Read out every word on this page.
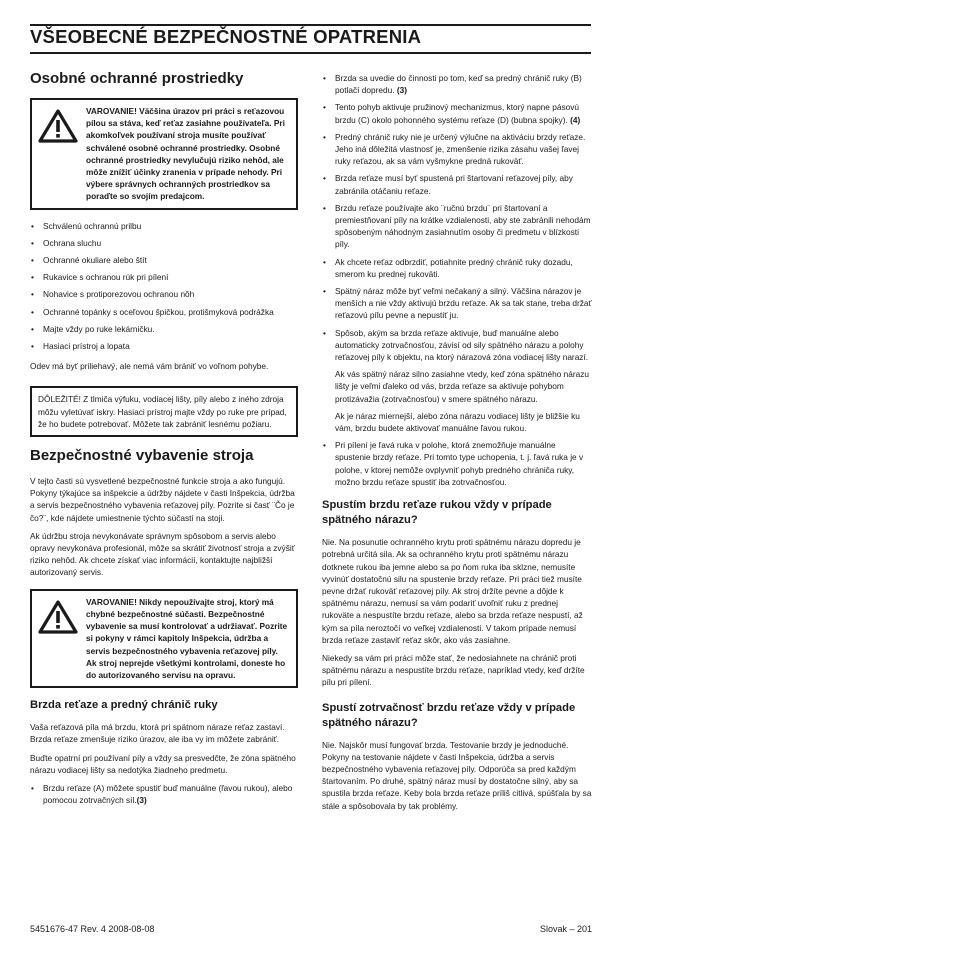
VŠEOBECNÉ BEZPEČNOSTNÉ OPATRENIA
Osobné ochranné prostriedky

VAROVANIE! Väčšina úrazov pri práci s reťazovou pílou sa stáva, keď reťaz zasiahne používateľa. Pri akomkoľvek používaní stroja musíte používať schválené osobné ochranné prostriedky. Osobné ochranné prostriedky nevylučujú riziko nehôd, ale môže znížiť účinky zranenia v prípade nehody. Pri výbere správnych ochranných prostriedkov sa poraďte so svojím predajcom.

• Schválenú ochrannú prilbu
• Ochrana sluchu
• Ochranné okuliare alebo štít
• Rukavice s ochranou rúk pri pílení
• Nohavice s protiporezovou ochranou nôh
• Ochranné topánky s oceľovou špičkou, protišmyková podrážka
• Majte vždy po ruke lekárničku.
• Hasiaci prístroj a lopata

Odev má byť priliehavý, ale nemá vám brániť vo voľnom pohybe.

DÔLEŽITÉ! Z tlmiča výfuku, vodiacej lišty, píly alebo z iného zdroja môžu vyletúvať iskry. Hasiaci prístroj majte vždy po ruke pre prípad, že ho budete potrebovať. Môžete tak zabrániť lesnému požiaru.

Bezpečnostné vybavenie stroja

V tejto časti sú vysvetlené bezpečnostné funkcie stroja a ako fungujú. Pokyny týkajúce sa inšpekcie a údržby nájdete v časti Inšpekcia, údržba a servis bezpečnostného vybavenia reťazovej píly. Pozrite si časť ¨Čo je čo?¨, kde nájdete umiestnenie týchto súčastí na stoji.

Ak údržbu stroja nevykonávate správnym spôsobom a servis alebo opravy nevykonáva profesionál, môže sa skrátiť životnosť stroja a zvýšiť riziko nehôd. Ak chcete získať viac informácií, kontaktujte najbližší autorizovaný servis.

VAROVANIE! Nikdy nepoužívajte stroj, ktorý má chybné bezpečnostné súčasti. Bezpečnostné vybavenie sa musí kontrolovať a udržiavať. Pozrite si pokyny v rámci kapitoly Inšpekcia, údržba a servis bezpečnostného vybavenia reťazovej píly. Ak stroj neprejde všetkými kontrolami, doneste ho do autorizovaného servisu na opravu.

Brzda reťaze a predný chránič ruky

Vaša reťazová píla má brzdu, ktorá pri spätnom náraze reťaz zastaví. Brzda reťaze zmenšuje riziko úrazov, ale iba vy im môžete zabrániť.

Buďte opatrní pri používaní píly a vždy sa presvedčte, že zóna spätného nárazu vodiacej lišty sa nedotýka žiadneho predmetu.

• Brzdu reťaze (A) môžete spustiť buď manuálne (ľavou rukou), alebo pomocou zotrvačných síl.(3)
• Brzda sa uvedie do činnosti po tom, keď sa predný chránič ruky (B) potlačí dopredu. (3)
• Tento pohyb aktivuje pružinový mechanizmus, ktorý napne pásovú brzdu (C) okolo pohonného systému reťaze (D) (bubna spojky). (4)
• Predný chránič ruky nie je určený výlučne na aktiváciu brzdy reťaze. Jeho iná dôležitá vlastnosť je, zmenšenie rizika zásahu vašej ľavej ruky reťazou, ak sa vám vyšmykne predná rukoväť.
• Brzda reťaze musí byť spustená pri štartovaní reťazovej píly, aby zabránila otáčaniu reťaze.
• Brzdu reťaze používajte ako ¨ručnú brzdu¨ pri štartovaní a premiestňovaní píly na krátke vzdialenosti, aby ste zabránili nehodám spôsobeným náhodným zasiahnutím osoby či predmetu v blízkosti píly.
• Ak chcete reťaz odbrzdiť, potiahnite predný chránič ruky dozadu, smerom ku prednej rukoväti.
• Spätný náraz môže byť veľmi nečakaný a silný. Väčšina nárazov je menších a nie vždy aktivujú brzdu reťaze. Ak sa tak stane, treba držať reťazovú pílu pevne a nepustiť ju.
• Spôsob, akým sa brzda reťaze aktivuje, buď manuálne alebo automaticky zotrvačnosťou, závisí od sily spätného nárazu a polohy reťazovej píly k objektu, na ktorý nárazová zóna vodiacej lišty narazí.

Ak vás spätný náraz silno zasiahne vtedy, keď zóna spätného nárazu lišty je veľmi ďaleko od vás, brzda reťaze sa aktivuje pohybom protizávažia (zotrvačnosťou) v smere spätného nárazu.

Ak je náraz miernejší, alebo zóna nárazu vodiacej lišty je bližšie ku vám, brzdu budete aktivovať manuálne ľavou rukou.

• Pri pílení je ľavá ruka v polohe, ktorá znemožňuje manuálne spustenie brzdy reťaze. Pri tomto type uchopenia, t. j. ľavá ruka je v polohe, v ktorej nemôže ovplyvniť pohyb predného chrániča ruky, možno brzdu reťaze spustiť iba zotrvačnosťou.
Spustím brzdu reťaze rukou vždy v prípade spätného nárazu?

Nie. Na posunutie ochranného krytu proti spätnému nárazu dopredu je potrebná určitá sila. Ak sa ochranného krytu proti spätnému nárazu dotknete rukou iba jemne alebo sa po ňom ruka iba sklzne, nemusíte vyvinúť dostatočnú silu na spustenie brzdy reťaze. Pri práci tiež musíte pevne držať rukoväť reťazovej píly. Ak stroj držíte pevne a dôjde k spätnému nárazu, nemusí sa vám podariť uvoľniť ruku z prednej rukoväte a nespustíte brzdu reťaze, alebo sa brzda reťaze nespustí, až kým sa píla neroztočí vo veľkej vzdialenosti. V takom prípade nemusí brzda reťaze zastaviť reťaz skôr, ako vás zasiahne.

Niekedy sa vám pri práci môže stať, že nedosiahnete na chránič proti spätnému nárazu a nespustíte brzdu reťaze, napríklad vtedy, keď držíte pílu pri pílení.

Spustí zotrvačnosť brzdu reťaze vždy v prípade spätného nárazu?

Nie. Najskôr musí fungovať brzda. Testovanie brzdy je jednoduché. Pokyny na testovanie nájdete v časti Inšpekcia, údržba a servis bezpečnostného vybavenia reťazovej píly. Odporúča sa pred každým štartovaním. Po druhé, spätný náraz musí by dostatočne silný, aby sa spustila brzda reťaze. Keby bola brzda reťaze príliš citlivá, spúšťala by sa stále a spôsobovala by tak problémy.

5451676-47 Rev. 4 2008-08-08	Slovak – 201
